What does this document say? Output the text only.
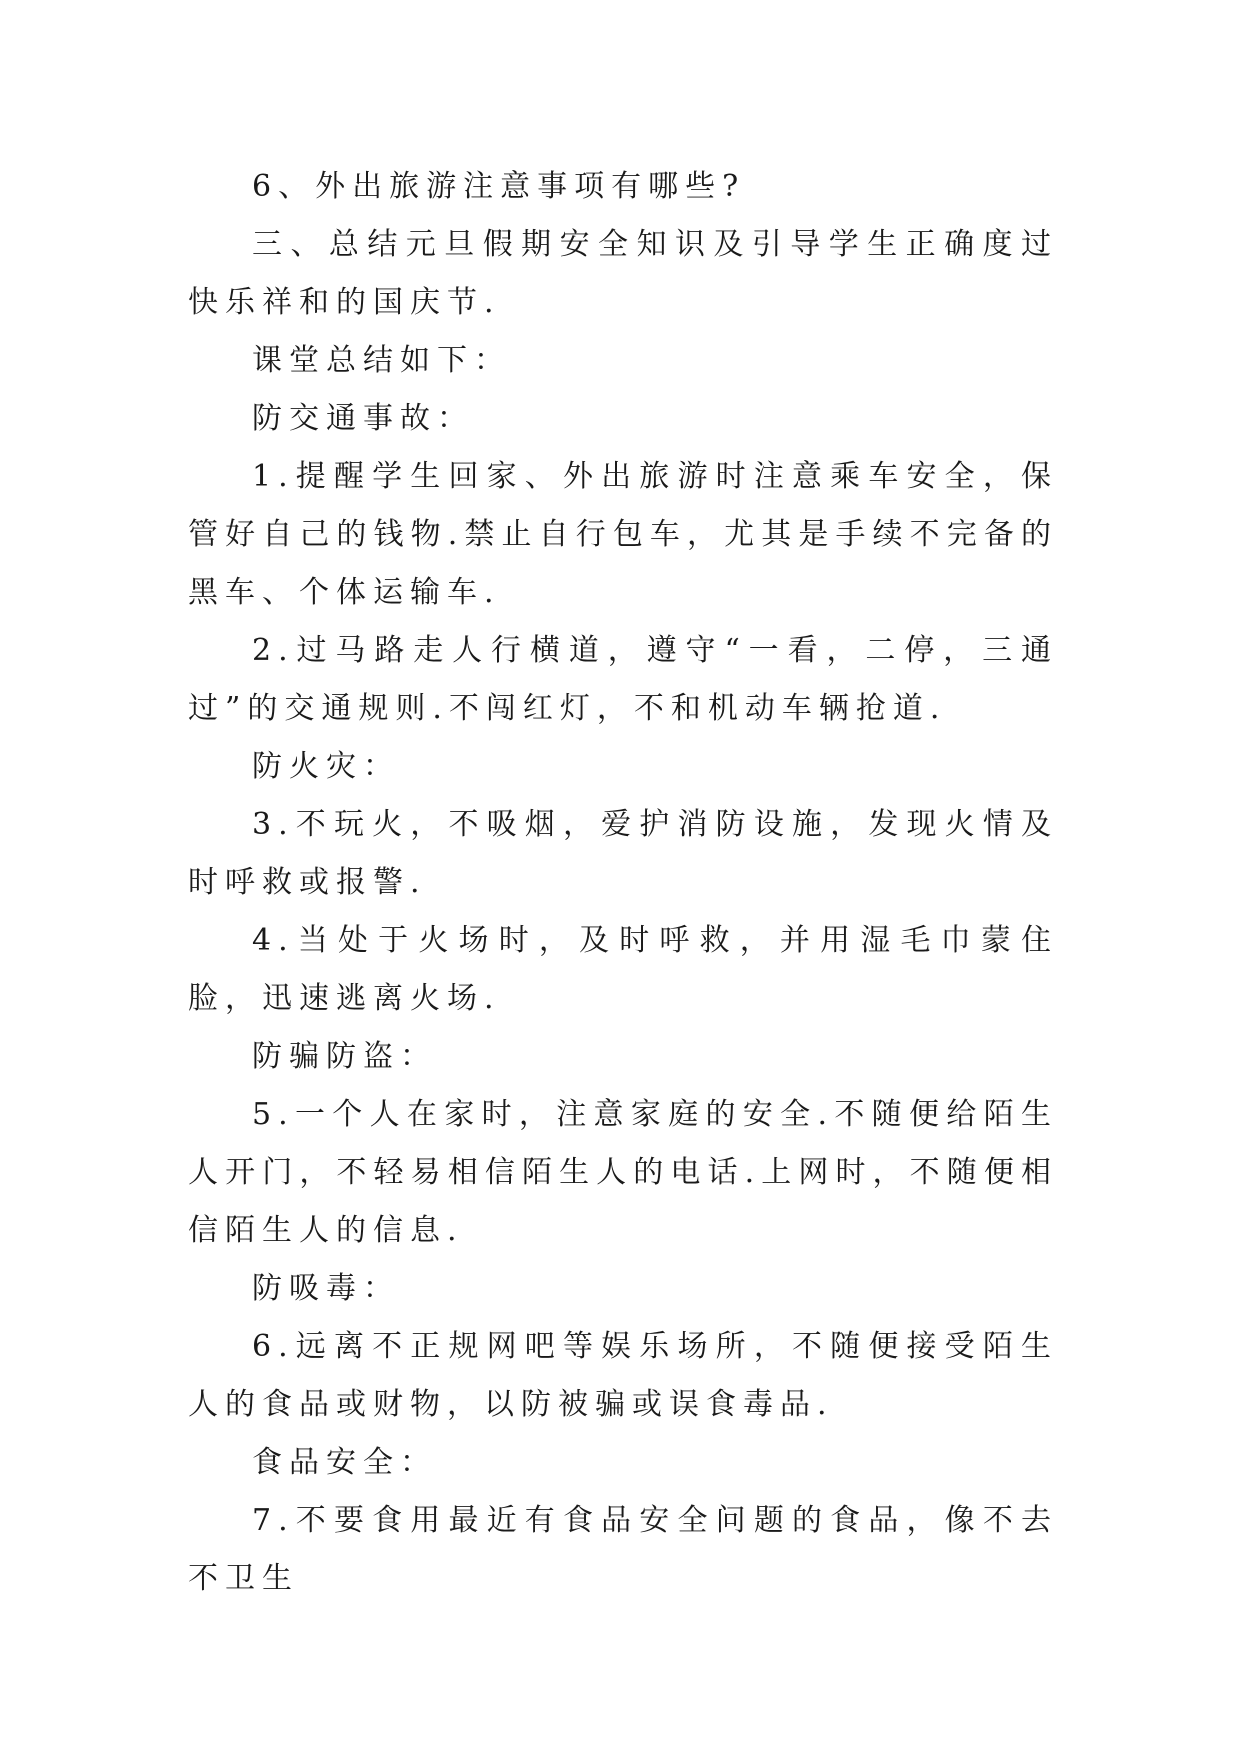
6、外出旅游注意事项有哪些?

三、总结元旦假期安全知识及引导学生正确度过快乐祥和的国庆节.

课堂总结如下：

防交通事故：

1.提醒学生回家、外出旅游时注意乘车安全，保管好自己的钱物.禁止自行包车，尤其是手续不完备的黑车、个体运输车.

2.过马路走人行横道，遵守“一看，二停，三通过”的交通规则.不闯红灯，不和机动车辆抢道.

防火灾：

3.不玩火，不吸烟，爱护消防设施，发现火情及时呼救或报警.

4.当处于火场时，及时呼救，并用湿毛巾蒙住脸，迅速逃离火场.

防骗防盗：

5.一个人在家时，注意家庭的安全.不随便给陌生人开门，不轻易相信陌生人的电话.上网时，不随便相信陌生人的信息.

防吸毒：

6.远离不正规网吧等娱乐场所，不随便接受陌生人的食品或财物，以防被骗或误食毒品.

食品安全：

7.不要食用最近有食品安全问题的食品，像不去不卫生
